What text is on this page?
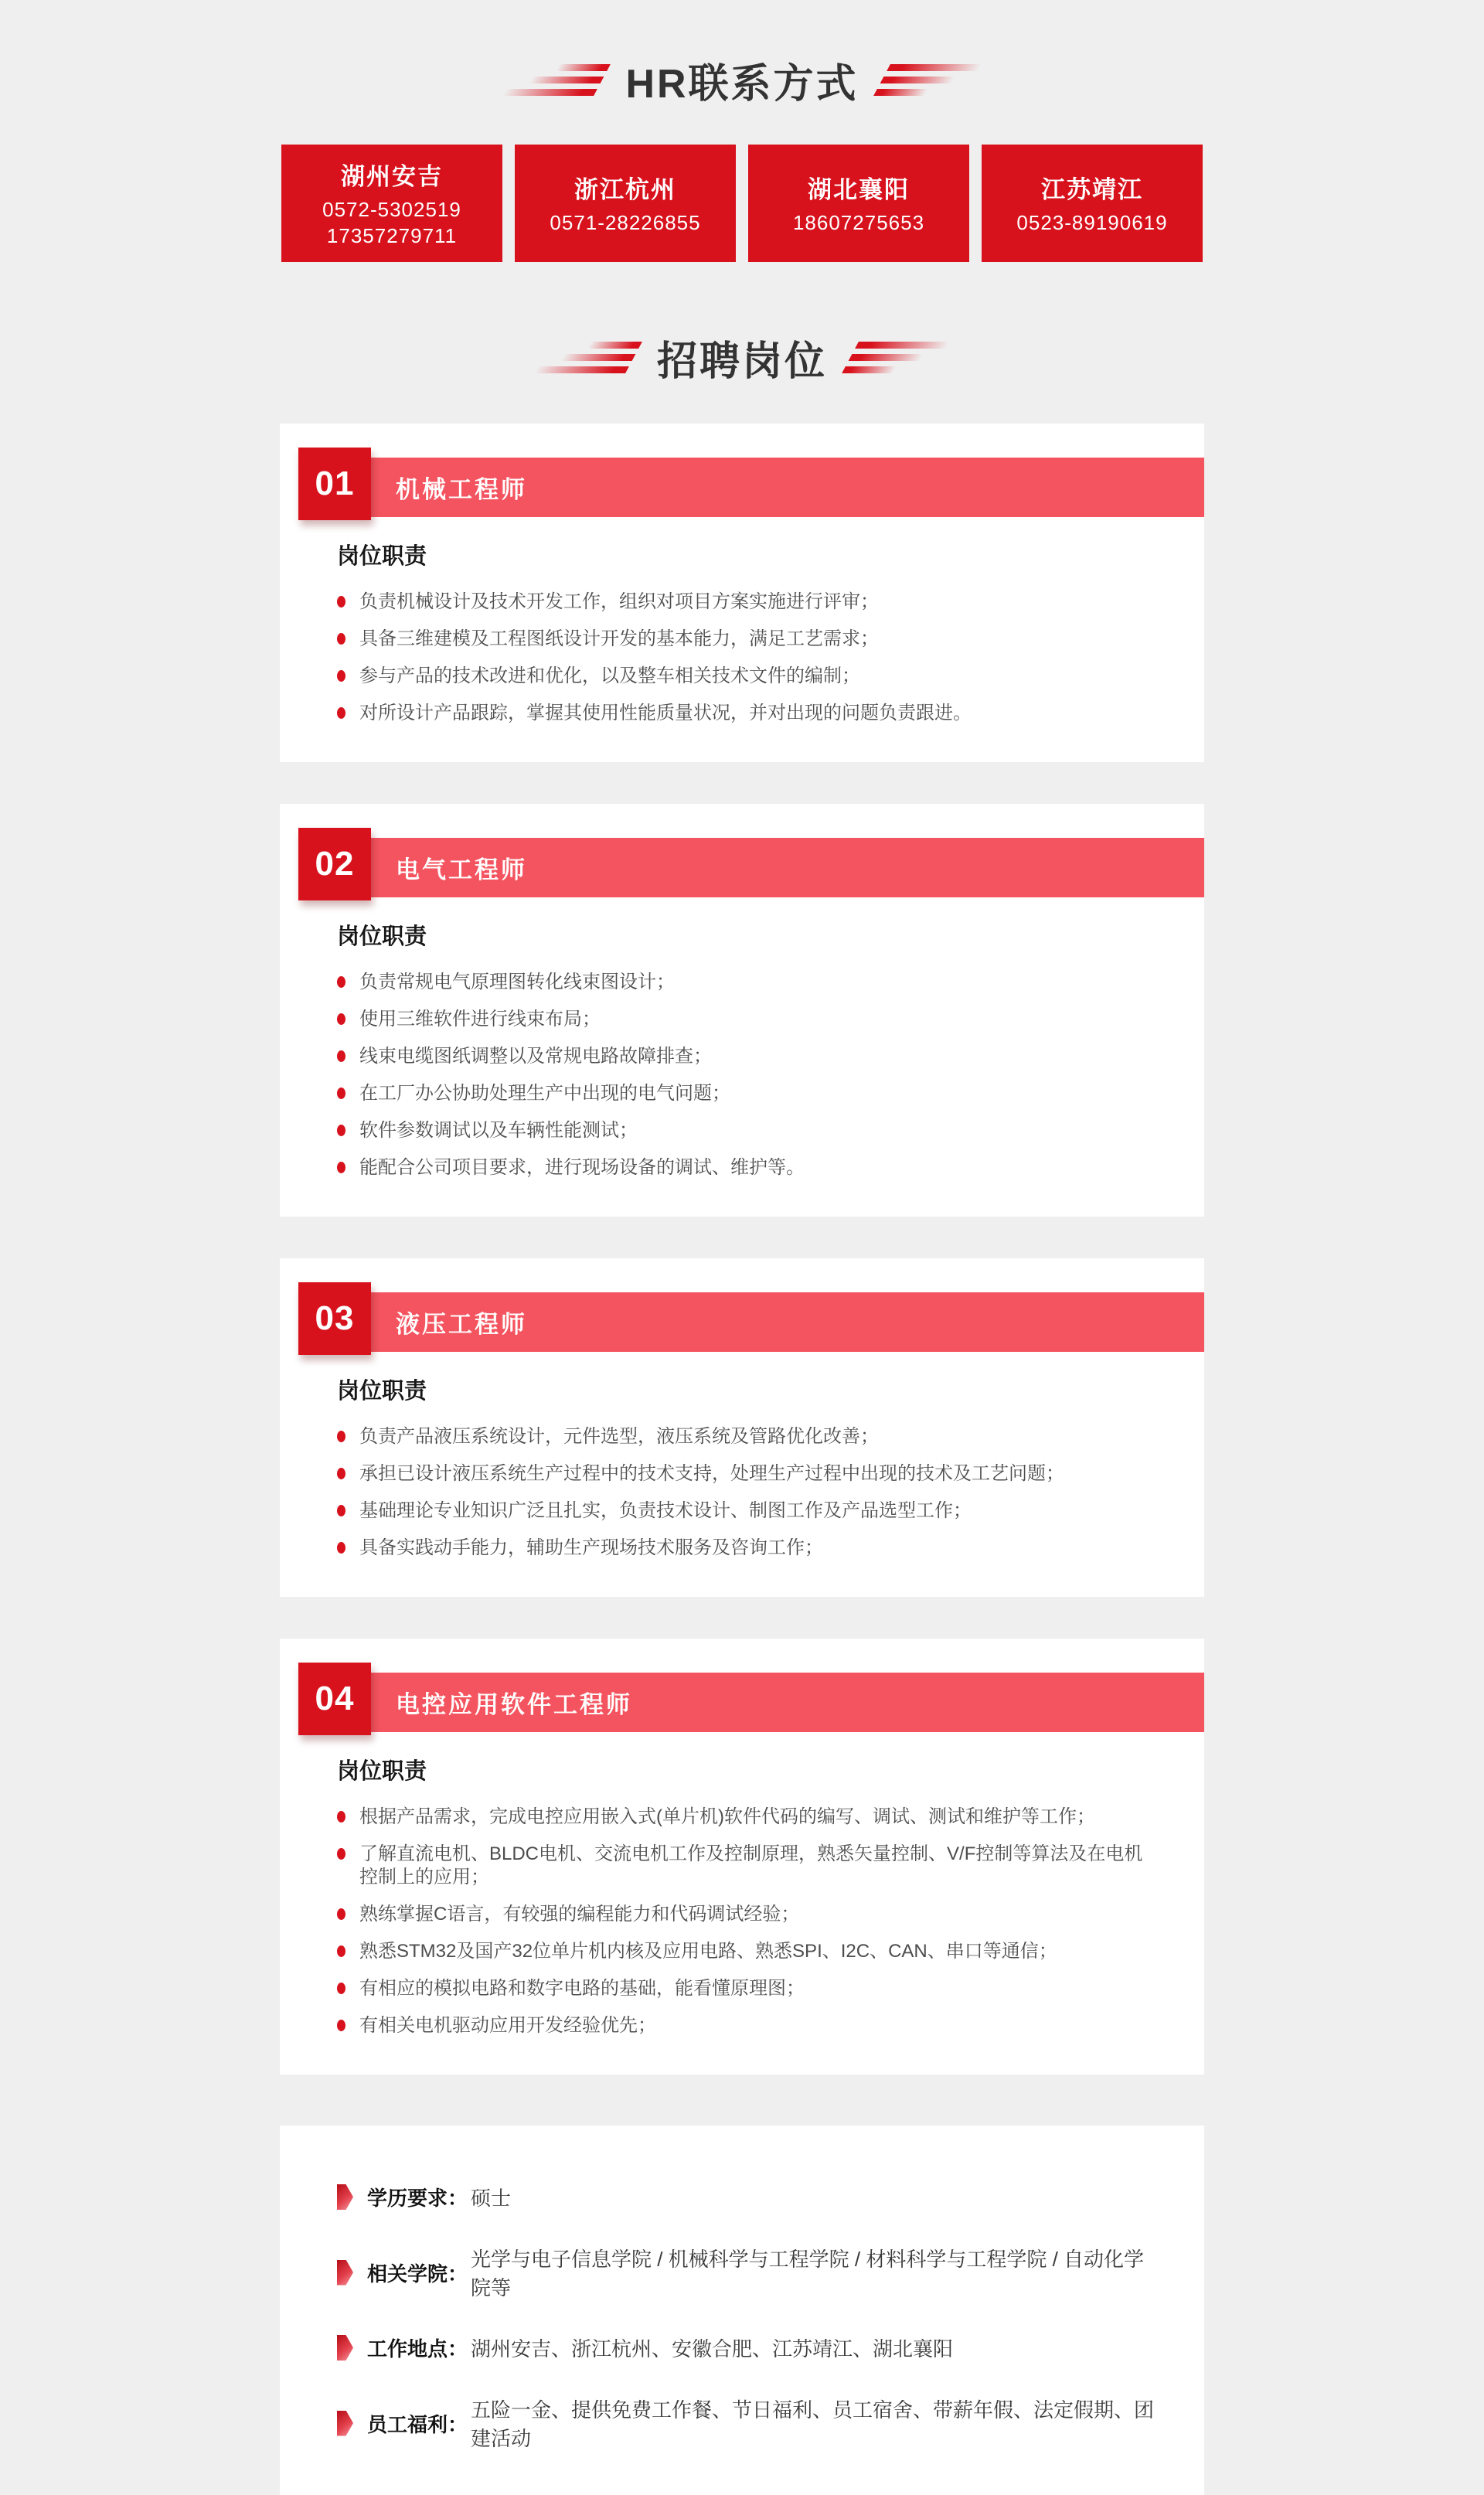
HR联系方式
湖州安吉
0572-5302519
17357279711
浙江杭州
0571-28226855
湖北襄阳
18607275653
江苏靖江
0523-89190619
招聘岗位
机械工程师
01
岗位职责
负责机械设计及技术开发工作，组织对项目方案实施进行评审；
具备三维建模及工程图纸设计开发的基本能力，满足工艺需求；
参与产品的技术改进和优化，以及整车相关技术文件的编制；
对所设计产品跟踪，掌握其使用性能质量状况，并对出现的问题负责跟进。
电气工程师
02
岗位职责
负责常规电气原理图转化线束图设计；
使用三维软件进行线束布局；
线束电缆图纸调整以及常规电路故障排查；
在工厂办公协助处理生产中出现的电气问题；
软件参数调试以及车辆性能测试；
能配合公司项目要求，进行现场设备的调试、维护等。
液压工程师
03
岗位职责
负责产品液压系统设计，元件选型，液压系统及管路优化改善；
承担已设计液压系统生产过程中的技术支持，处理生产过程中出现的技术及工艺问题；
基础理论专业知识广泛且扎实，负责技术设计、制图工作及产品选型工作；
具备实践动手能力，辅助生产现场技术服务及咨询工作；
电控应用软件工程师
04
岗位职责
根据产品需求，完成电控应用嵌入式(单片机)软件代码的编写、调试、测试和维护等工作；
了解直流电机、BLDC电机、交流电机工作及控制原理，熟悉矢量控制、V/F控制等算法及在电机控制上的应用；
熟练掌握C语言，有较强的编程能力和代码调试经验；
熟悉STM32及国产32位单片机内核及应用电路、熟悉SPI、I2C、CAN、串口等通信；
有相应的模拟电路和数字电路的基础，能看懂原理图；
有相关电机驱动应用开发经验优先；
学历要求： 硕士
相关学院：
光学与电子信息学院 / 机械科学与工程学院 / 材料科学与工程学院 / 自动化学院等
工作地点： 湖州安吉、浙江杭州、安徽合肥、江苏靖江、湖北襄阳
员工福利：
五险一金、提供免费工作餐、节日福利、员工宿舍、带薪年假、法定假期、团建活动
